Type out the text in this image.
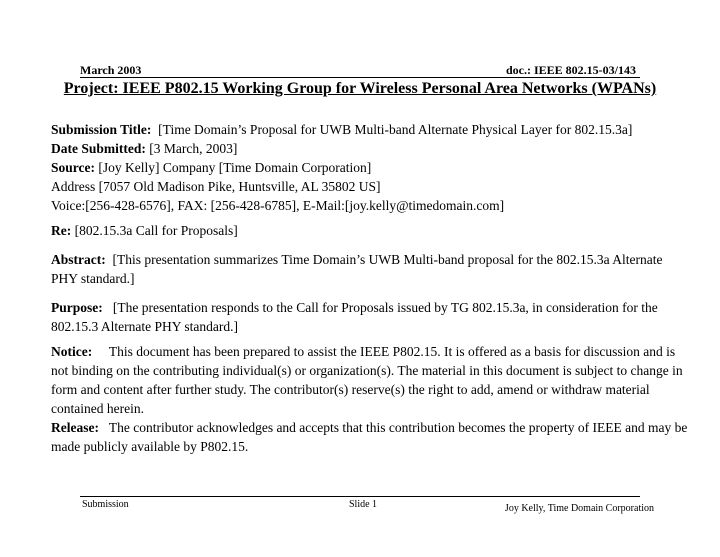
March 2003	doc.: IEEE 802.15-03/143
Project: IEEE P802.15 Working Group for Wireless Personal Area Networks (WPANs)

Submission Title: [Time Domain’s Proposal for UWB Multi-band Alternate Physical Layer for 802.15.3a]

Date Submitted: [3 March, 2003]

Source: [Joy Kelly] Company [Time Domain Corporation]

Address [7057 Old Madison Pike, Huntsville, AL 35802 US]

Voice:[256-428-6576], FAX: [256-428-6785], E-Mail:[joy.kelly@timedomain.com]

Re: [802.15.3a Call for Proposals]

Abstract: [This presentation summarizes Time Domain’s UWB Multi-band proposal for the 802.15.3a Alternate PHY standard.]

Purpose: [The presentation responds to the Call for Proposals issued by TG 802.15.3a, in consideration for the 802.15.3 Alternate PHY standard.]

Notice: This document has been prepared to assist the IEEE P802.15. It is offered as a basis for discussion and is not binding on the contributing individual(s) or organization(s). The material in this document is subject to change in form and content after further study. The contributor(s) reserve(s) the right to add, amend or withdraw material contained herein.

Release: The contributor acknowledges and accepts that this contribution becomes the property of IEEE and may be made publicly available by P802.15.

Submission	Slide 1	Joy Kelly, Time Domain Corporation
